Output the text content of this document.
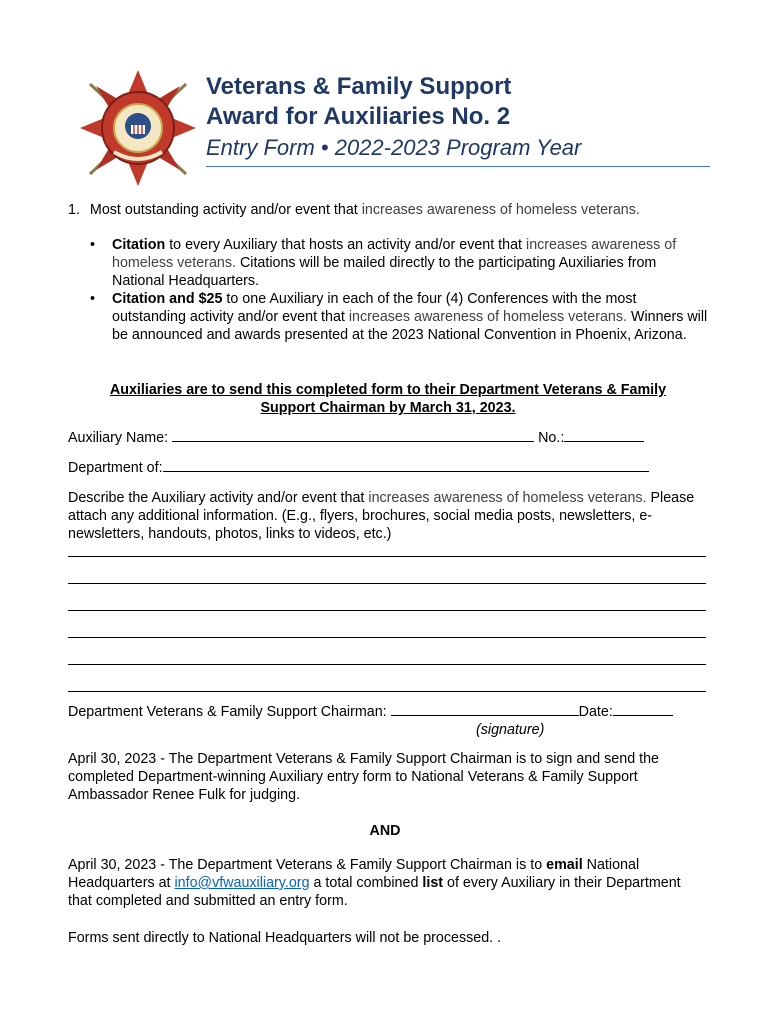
Veterans & Family Support
Award for Auxiliaries No. 2
Entry Form • 2022-2023 Program Year
1. Most outstanding activity and/or event that increases awareness of homeless veterans.
• Citation to every Auxiliary that hosts an activity and/or event that increases awareness of homeless veterans. Citations will be mailed directly to the participating Auxiliaries from National Headquarters.
• Citation and $25 to one Auxiliary in each of the four (4) Conferences with the most outstanding activity and/or event that increases awareness of homeless veterans. Winners will be announced and awards presented at the 2023 National Convention in Phoenix, Arizona.
Auxiliaries are to send this completed form to their Department Veterans & Family
Support Chairman by March 31, 2023.
Auxiliary Name:	No.:
Department of:
Describe the Auxiliary activity and/or event that increases awareness of homeless veterans. Please attach any additional information. (E.g., flyers, brochures, social media posts, newsletters, e-newsletters, handouts, photos, links to videos, etc.)
Department Veterans & Family Support Chairman:	Date:
(signature)
April 30, 2023 - The Department Veterans & Family Support Chairman is to sign and send the completed Department-winning Auxiliary entry form to National Veterans & Family Support Ambassador Renee Fulk for judging.
AND
April 30, 2023 - The Department Veterans & Family Support Chairman is to email National Headquarters at info@vfwauxiliary.org a total combined list of every Auxiliary in their Department that completed and submitted an entry form.
Forms sent directly to National Headquarters will not be processed. .
